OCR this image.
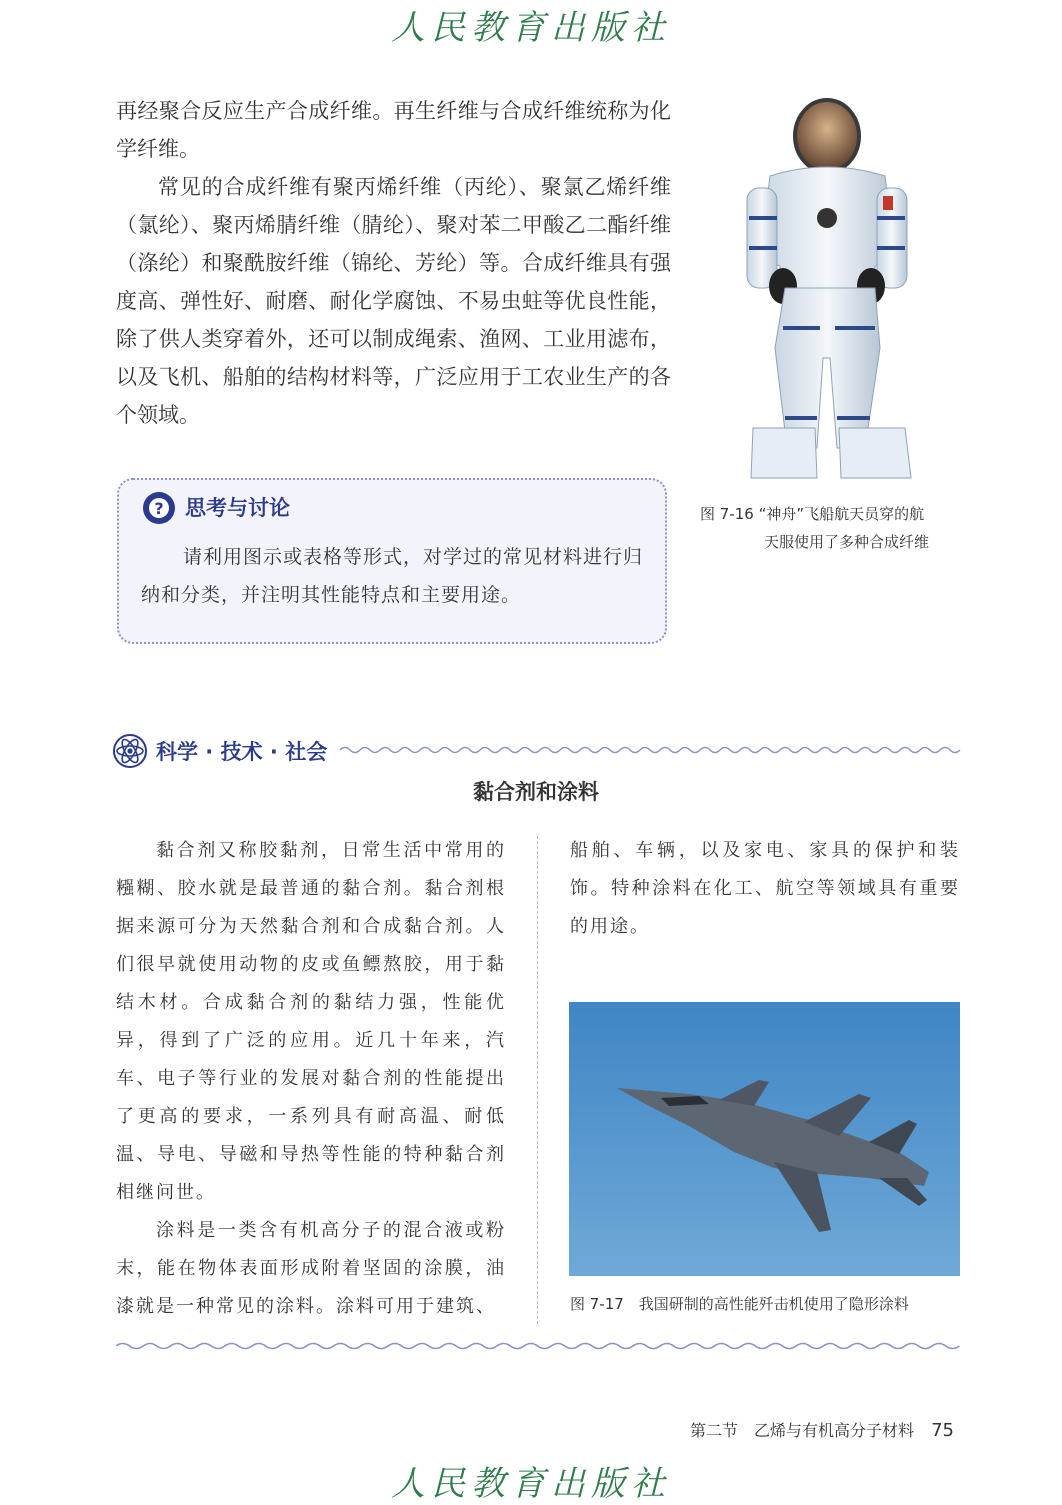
人民教育出版社

再经聚合反应生产合成纤维。再生纤维与合成纤维统称为化学纤维。

常见的合成纤维有聚丙烯纤维（丙纶）、聚氯乙烯纤维（氯纶）、聚丙烯腈纤维（腈纶）、聚对苯二甲酸乙二酯纤维（涤纶）和聚酰胺纤维（锦纶、芳纶）等。合成纤维具有强度高、弹性好、耐磨、耐化学腐蚀、不易虫蛀等优良性能，除了供人类穿着外，还可以制成绳索、渔网、工业用滤布，以及飞机、船舶的结构材料等，广泛应用于工农业生产的各个领域。

图 7-16 “神舟”飞船航天员穿的航
天服使用了多种合成纤维
? 思考与讨论

请利用图示或表格等形式，对学过的常见材料进行归纳和分类，并注明其性能特点和主要用途。

科学 · 技术 · 社会
黏合剂和涂料

黏合剂又称胶黏剂，日常生活中常用的糨糊、胶水就是最普通的黏合剂。黏合剂根据来源可分为天然黏合剂和合成黏合剂。人们很早就使用动物的皮或鱼鳔熬胶，用于黏结木材。合成黏合剂的黏结力强，性能优异，得到了广泛的应用。近几十年来，汽车、电子等行业的发展对黏合剂的性能提出了更高的要求，一系列具有耐高温、耐低温、导电、导磁和导热等性能的特种黏合剂相继问世。

涂料是一类含有机高分子的混合液或粉末，能在物体表面形成附着坚固的涂膜，油漆就是一种常见的涂料。涂料可用于建筑、

船舶、车辆，以及家电、家具的保护和装饰。特种涂料在化工、航空等领域具有重要的用途。

图 7-17　我国研制的高性能歼击机使用了隐形涂料
第二节　乙烯与有机高分子材料 75
人民教育出版社
